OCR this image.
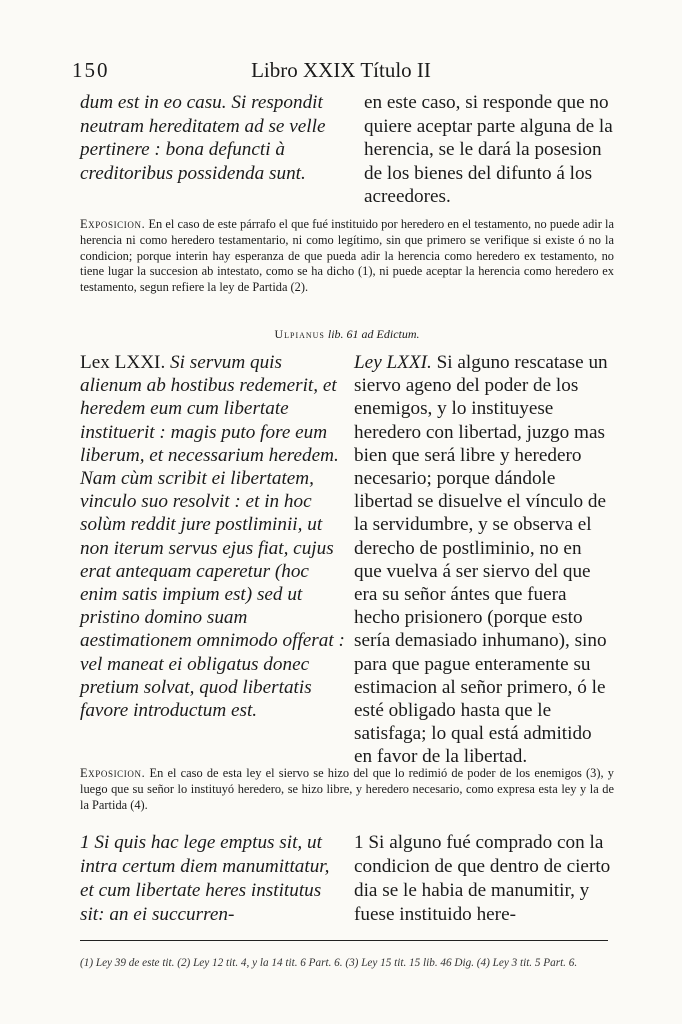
150	Libro XXIX Título II
dum est in eo casu. Si respondit neutram hereditatem ad se velle pertinere : bona defuncti à creditoribus possidenda sunt.
en este caso, si responde que no quiere aceptar parte alguna de la herencia, se le dará la posesion de los bienes del difunto á los acreedores.
Exposicion. En el caso de este párrafo el que fué instituido por heredero en el testamento, no puede adir la herencia ni como heredero testamentario, ni como legítimo, sin que primero se verifique si existe ó no la condicion; porque interin hay esperanza de que pueda adir la herencia como heredero ex testamento, no tiene lugar la succesion ab intestato, como se ha dicho (1), ni puede aceptar la herencia como heredero ex testamento, segun refiere la ley de Partida (2).
Ulpianus lib. 61 ad Edictum.
Lex LXXI. Si servum quis alienum ab hostibus redemerit, et heredem eum cum libertate instituerit : magis puto fore eum liberum, et necessarium heredem. Nam cùm scribit ei libertatem, vinculo suo resolvit : et in hoc solùm reddit jure postliminii, ut non iterum servus ejus fiat, cujus erat antequam caperetur (hoc enim satis impium est) sed ut pristino domino suam aestimationem omnimodo offerat : vel maneat ei obligatus donec pretium solvat, quod libertatis favore introductum est.
Ley LXXI. Si alguno rescatase un siervo ageno del poder de los enemigos, y lo instituyese heredero con libertad, juzgo mas bien que será libre y heredero necesario; porque dándole libertad se disuelve el vínculo de la servidumbre, y se observa el derecho de postliminio, no en que vuelva á ser siervo del que era su señor ántes que fuera hecho prisionero (porque esto sería demasiado inhumano), sino para que pague enteramente su estimacion al señor primero, ó le esté obligado hasta que le satisfaga; lo qual está admitido en favor de la libertad.
Exposicion. En el caso de esta ley el siervo se hizo del que lo redimió de poder de los enemigos (3), y luego que su señor lo instituyó heredero, se hizo libre, y heredero necesario, como expresa esta ley y la de la Partida (4).
1 Si quis hac lege emptus sit, ut intra certum diem manumittatur, et cum libertate heres institutus sit: an ei succurren-
1 Si alguno fué comprado con la condicion de que dentro de cierto dia se le habia de manumitir, y fuese instituido here-
(1) Ley 39 de este tit. (2) Ley 12 tit. 4, y la 14 tit. 6 Part. 6. (3) Ley 15 tit. 15 lib. 46 Dig. (4) Ley 3 tit. 5 Part. 6.
